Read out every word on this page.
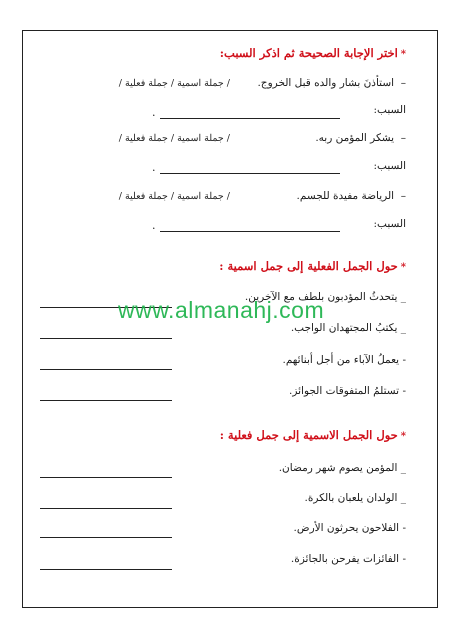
*اختر الإجابة الصحيحة ثم اذكر السبب:
–  استأذنَ بشار والده قبل الخروج.
/ جملة اسمية / جملة فعلية /
السبب:
.
–  يشكر المؤمن ربه.
/ جملة اسمية / جملة فعلية /
السبب:
.
–  الرياضة مفيدة للجسم.
/ جملة اسمية / جملة فعلية /
السبب:
.
*حول الجمل الفعلية إلى جمل اسمية :
_ يتحدثُ المؤدبون بلطف مع الآخرين.
_ يكتبُ المجتهدان الواجب.
- يعملُ الآباء من أجل أبنائهم.
- تستلمُ المتفوقات الجوائز.
*حول الجمل الاسمية إلى جمل فعلية :
_ المؤمن يصوم شهر رمضان.
_ الولدان يلعبان بالكرة.
- الفلاحون يحرثون الأرض.
- الفائزات يفرحن بالجائزة.
www.almanahj.com
